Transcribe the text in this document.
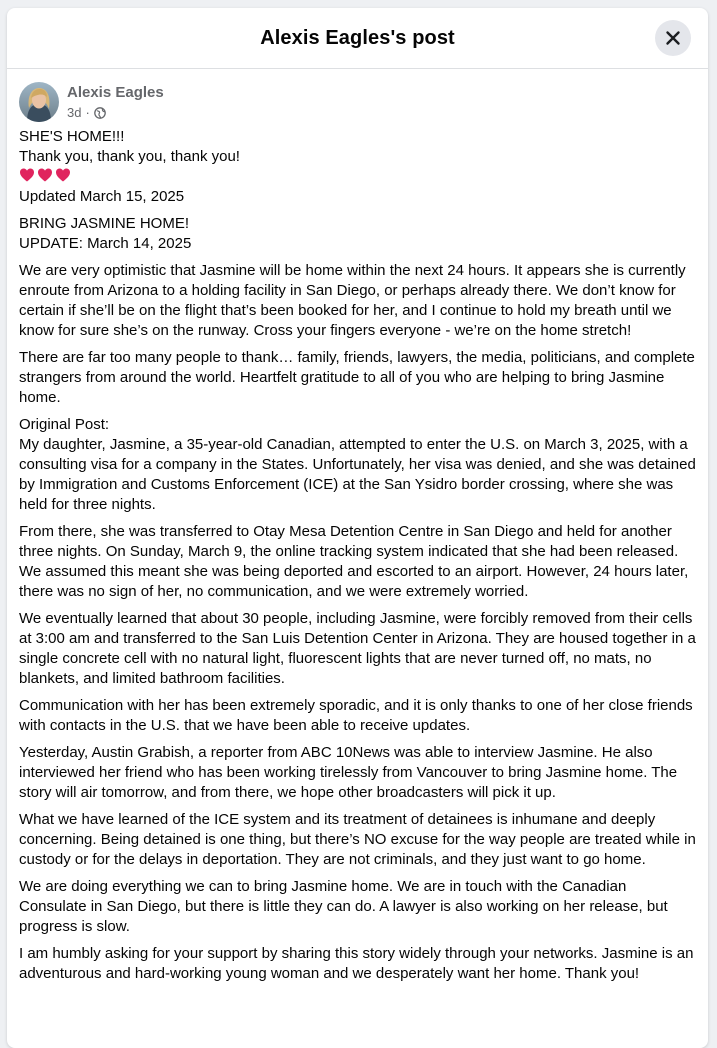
Alexis Eagles's post
Alexis Eagles
3d ·

SHE'S HOME!!!
Thank you, thank you, thank you!
Updated March 15, 2025

BRING JASMINE HOME!
UPDATE: March 14, 2025

We are very optimistic that Jasmine will be home within the next 24 hours. It appears she is currently enroute from Arizona to a holding facility in San Diego, or perhaps already there. We don’t know for certain if she’ll be on the flight that’s been booked for her, and I continue to hold my breath until we know for sure she’s on the runway. Cross your fingers everyone - we’re on the home stretch!

There are far too many people to thank… family, friends, lawyers, the media, politicians, and complete strangers from around the world. Heartfelt gratitude to all of you who are helping to bring Jasmine home.

Original Post:
My daughter, Jasmine, a 35-year-old Canadian, attempted to enter the U.S. on March 3, 2025, with a consulting visa for a company in the States. Unfortunately, her visa was denied, and she was detained by Immigration and Customs Enforcement (ICE) at the San Ysidro border crossing, where she was held for three nights.

From there, she was transferred to Otay Mesa Detention Centre in San Diego and held for another three nights. On Sunday, March 9, the online tracking system indicated that she had been released. We assumed this meant she was being deported and escorted to an airport. However, 24 hours later, there was no sign of her, no communication, and we were extremely worried.

We eventually learned that about 30 people, including Jasmine, were forcibly removed from their cells at 3:00 am and transferred to the San Luis Detention Center in Arizona. They are housed together in a single concrete cell with no natural light, fluorescent lights that are never turned off, no mats, no blankets, and limited bathroom facilities.

Communication with her has been extremely sporadic, and it is only thanks to one of her close friends with contacts in the U.S. that we have been able to receive updates.

Yesterday, Austin Grabish, a reporter from ABC 10News was able to interview Jasmine. He also interviewed her friend who has been working tirelessly from Vancouver to bring Jasmine home. The story will air tomorrow, and from there, we hope other broadcasters will pick it up.

What we have learned of the ICE system and its treatment of detainees is inhumane and deeply concerning. Being detained is one thing, but there’s NO excuse for the way people are treated while in custody or for the delays in deportation. They are not criminals, and they just want to go home.

We are doing everything we can to bring Jasmine home. We are in touch with the Canadian Consulate in San Diego, but there is little they can do. A lawyer is also working on her release, but progress is slow.

I am humbly asking for your support by sharing this story widely through your networks. Jasmine is an adventurous and hard-working young woman and we desperately want her home. Thank you!
